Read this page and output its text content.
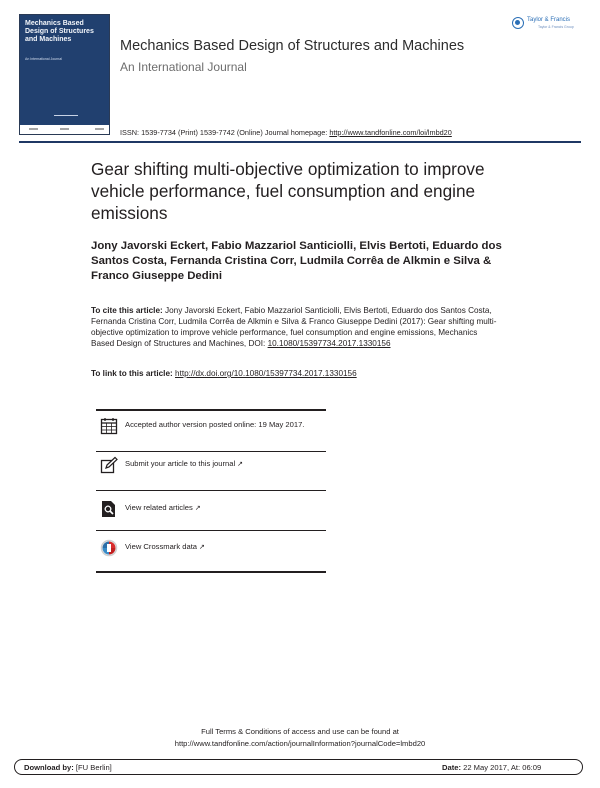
Mechanics Based Design of Structures and Machines
An International Journal
Mechanics Based Design of Structures and Machines
An International Journal
ISSN: 1539-7734 (Print) 1539-7742 (Online) Journal homepage: http://www.tandfonline.com/loi/lmbd20
Taylor & Francis
Taylor & Francis Group
Gear shifting multi-objective optimization to improve vehicle performance, fuel consumption and engine emissions
Jony Javorski Eckert, Fabio Mazzariol Santiciolli, Elvis Bertoti, Eduardo dos Santos Costa, Fernanda Cristina Corr, Ludmila Corrêa de Alkmin e Silva & Franco Giuseppe Dedini
To cite this article: Jony Javorski Eckert, Fabio Mazzariol Santiciolli, Elvis Bertoti, Eduardo dos Santos Costa, Fernanda Cristina Corr, Ludmila Corrêa de Alkmin e Silva & Franco Giuseppe Dedini (2017): Gear shifting multi-objective optimization to improve vehicle performance, fuel consumption and engine emissions, Mechanics Based Design of Structures and Machines, DOI: 10.1080/15397734.2017.1330156
To link to this article: http://dx.doi.org/10.1080/15397734.2017.1330156
Accepted author version posted online: 19 May 2017.
Submit your article to this journal ↗
View related articles ↗
View Crossmark data ↗
Full Terms & Conditions of access and use can be found at
http://www.tandfonline.com/action/journalInformation?journalCode=lmbd20
Download by: [FU Berlin]	Date: 22 May 2017, At: 06:09
